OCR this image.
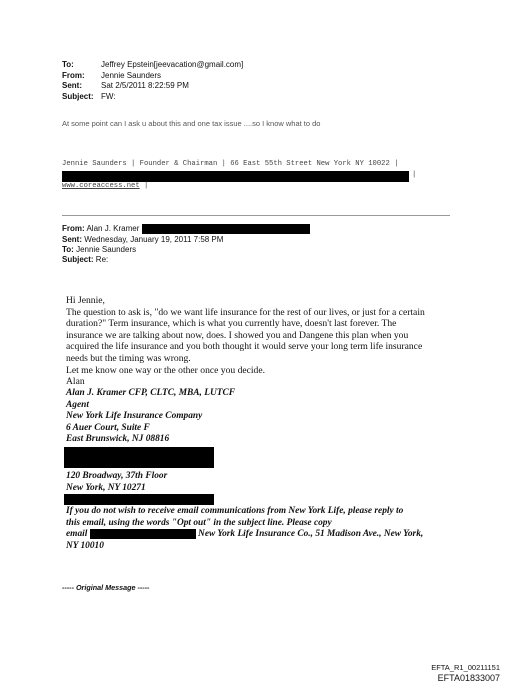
To:	Jeffrey Epstein[jeevacation@gmail.com]
From: Jennie Saunders
Sent: Sat 2/5/2011 8:22:59 PM
Subject: FW:
At some point can I ask u about this and one tax issue ....so I know what to do
Jennie Saunders | Founder & Chairman | 66 East 55th Street New York NY 10022 |
|
www.coreaccess.net |
From: Alan J. Kramer
Sent: Wednesday, January 19, 2011 7:58 PM
To: Jennie Saunders
Subject: Re:
Hi Jennie,
The question to ask is, "do we want life insurance for the rest of our lives, or just for a certain
duration?" Term insurance, which is what you currently have, doesn't last forever. The
insurance we are talking about now, does. I showed you and Dangene this plan when you
acquired the life insurance and you both thought it would serve your long term life insurance
needs but the timing was wrong.
Let me know one way or the other once you decide.
Alan
Alan J. Kramer CFP, CLTC, MBA, LUTCF
Agent
New York Life Insurance Company
6 Auer Court, Suite F
East Brunswick, NJ 08816
120 Broadway, 37th Floor
New York, NY 10271
If you do not wish to receive email communications from New York Life, please reply to
this email, using the words "Opt out" in the subject line. Please copy
email	New York Life Insurance Co., 51 Madison Ave., New York,
NY 10010
----- Original Message -----
EFTA_R1_00211151
EFTA01833007
